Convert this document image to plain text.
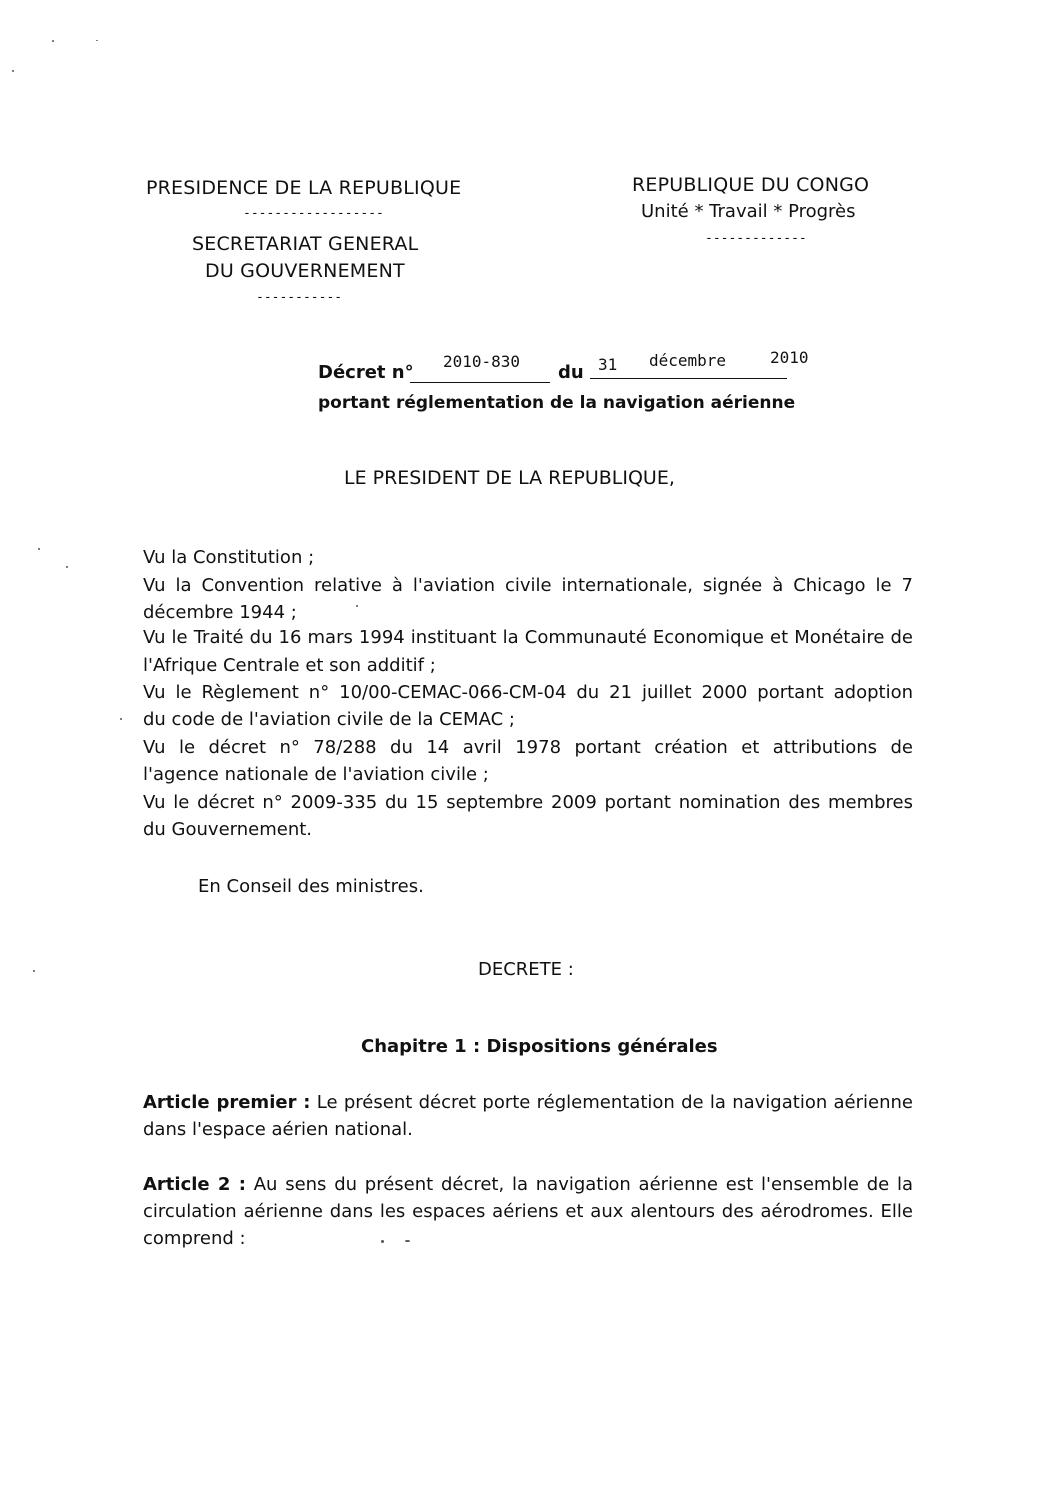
PRESIDENCE DE LA REPUBLIQUE
------------------
SECRETARIAT GENERAL
DU GOUVERNEMENT
-----------
REPUBLIQUE DU CONGO
Unité * Travail * Progrès
-------------
Décret n°
2010-830
du 31 décembre	2010
portant réglementation de la navigation aérienne
LE PRESIDENT DE LA REPUBLIQUE,
Vu la Constitution ;
Vu la Convention relative à l'aviation civile internationale, signée à Chicago le 7
décembre 1944 ;
Vu le Traité du 16 mars 1994 instituant la Communauté Economique et Monétaire de
l'Afrique Centrale et son additif ;
Vu le Règlement n° 10/00-CEMAC-066-CM-04 du 21 juillet 2000 portant adoption
du code de l'aviation civile de la CEMAC ;
Vu le décret n° 78/288 du 14 avril 1978 portant création et attributions de
l'agence nationale de l'aviation civile ;
Vu le décret n° 2009-335 du 15 septembre 2009 portant nomination des membres
du Gouvernement.
En Conseil des ministres.
DECRETE :
Chapitre 1 : Dispositions générales
Article premier : Le présent décret porte réglementation de la navigation aérienne
dans l'espace aérien national.
Article 2 : Au sens du présent décret, la navigation aérienne est l'ensemble de la
circulation aérienne dans les espaces aériens et aux alentours des aérodromes. Elle
comprend :
